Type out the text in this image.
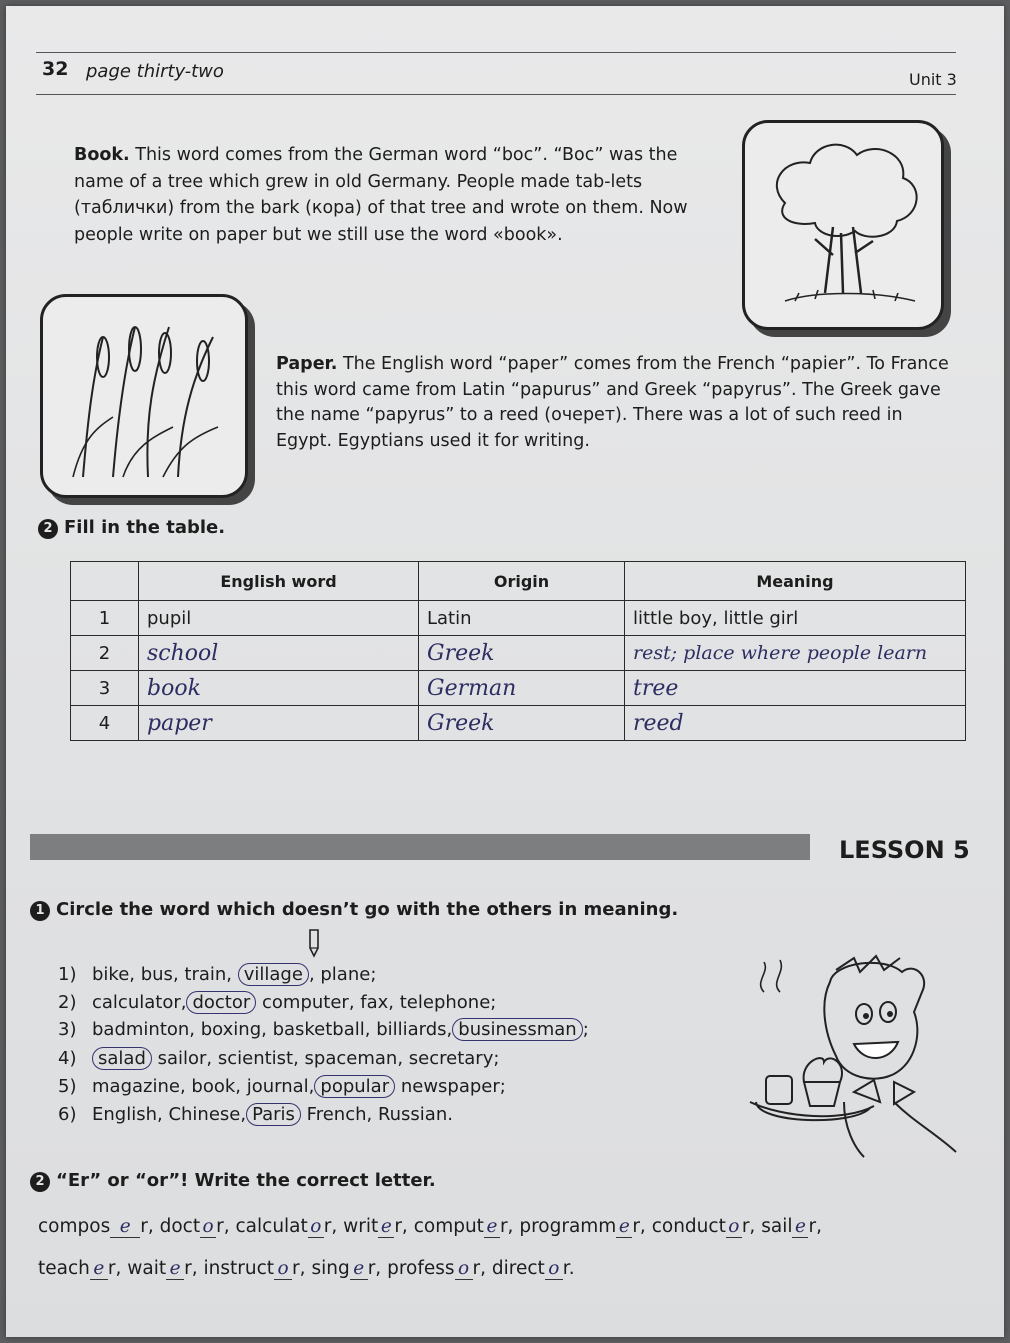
32 page thirty-two	Unit 3
Book. This word comes from the German word “boc”. “Boc” was the name of a tree which grew in old Germany. People made tab-lets (таблички) from the bark (кора) of that tree and wrote on them. Now people write on paper but we still use the word «book».
Paper. The English word “paper” comes from the French “papier”. To France this word came from Latin “papurus” and Greek “papyrus”. The Greek gave the name “papyrus” to a reed (очерет). There was a lot of such reed in Egypt. Egyptians used it for writing.
2 Fill in the table.
	English word	Origin	Meaning
1	pupil	Latin	little boy, little girl
2	school	Greek	rest; place where people learn
3	book	German	tree
4	paper	Greek	reed
LESSON 5
1 Circle the word which doesn’t go with the others in meaning.
1) bike, bus, train, village , plane;
2) calculator, doctor computer, fax, telephone;
3) badminton, boxing, basketball, billiards, businessman ;
4) salad sailor, scientist, spaceman, secretary;
5) magazine, book, journal, popular newspaper;
6) English, Chinese, Paris French, Russian.
2 “Er” or “or”! Write the correct letter.
compos e r, doct o r, calculat o r, writ e r, comput e r, programm e r, conduct o r, sail e r,
teach e r, wait e r, instruct o r, sing e r, profess o r, direct o r.
